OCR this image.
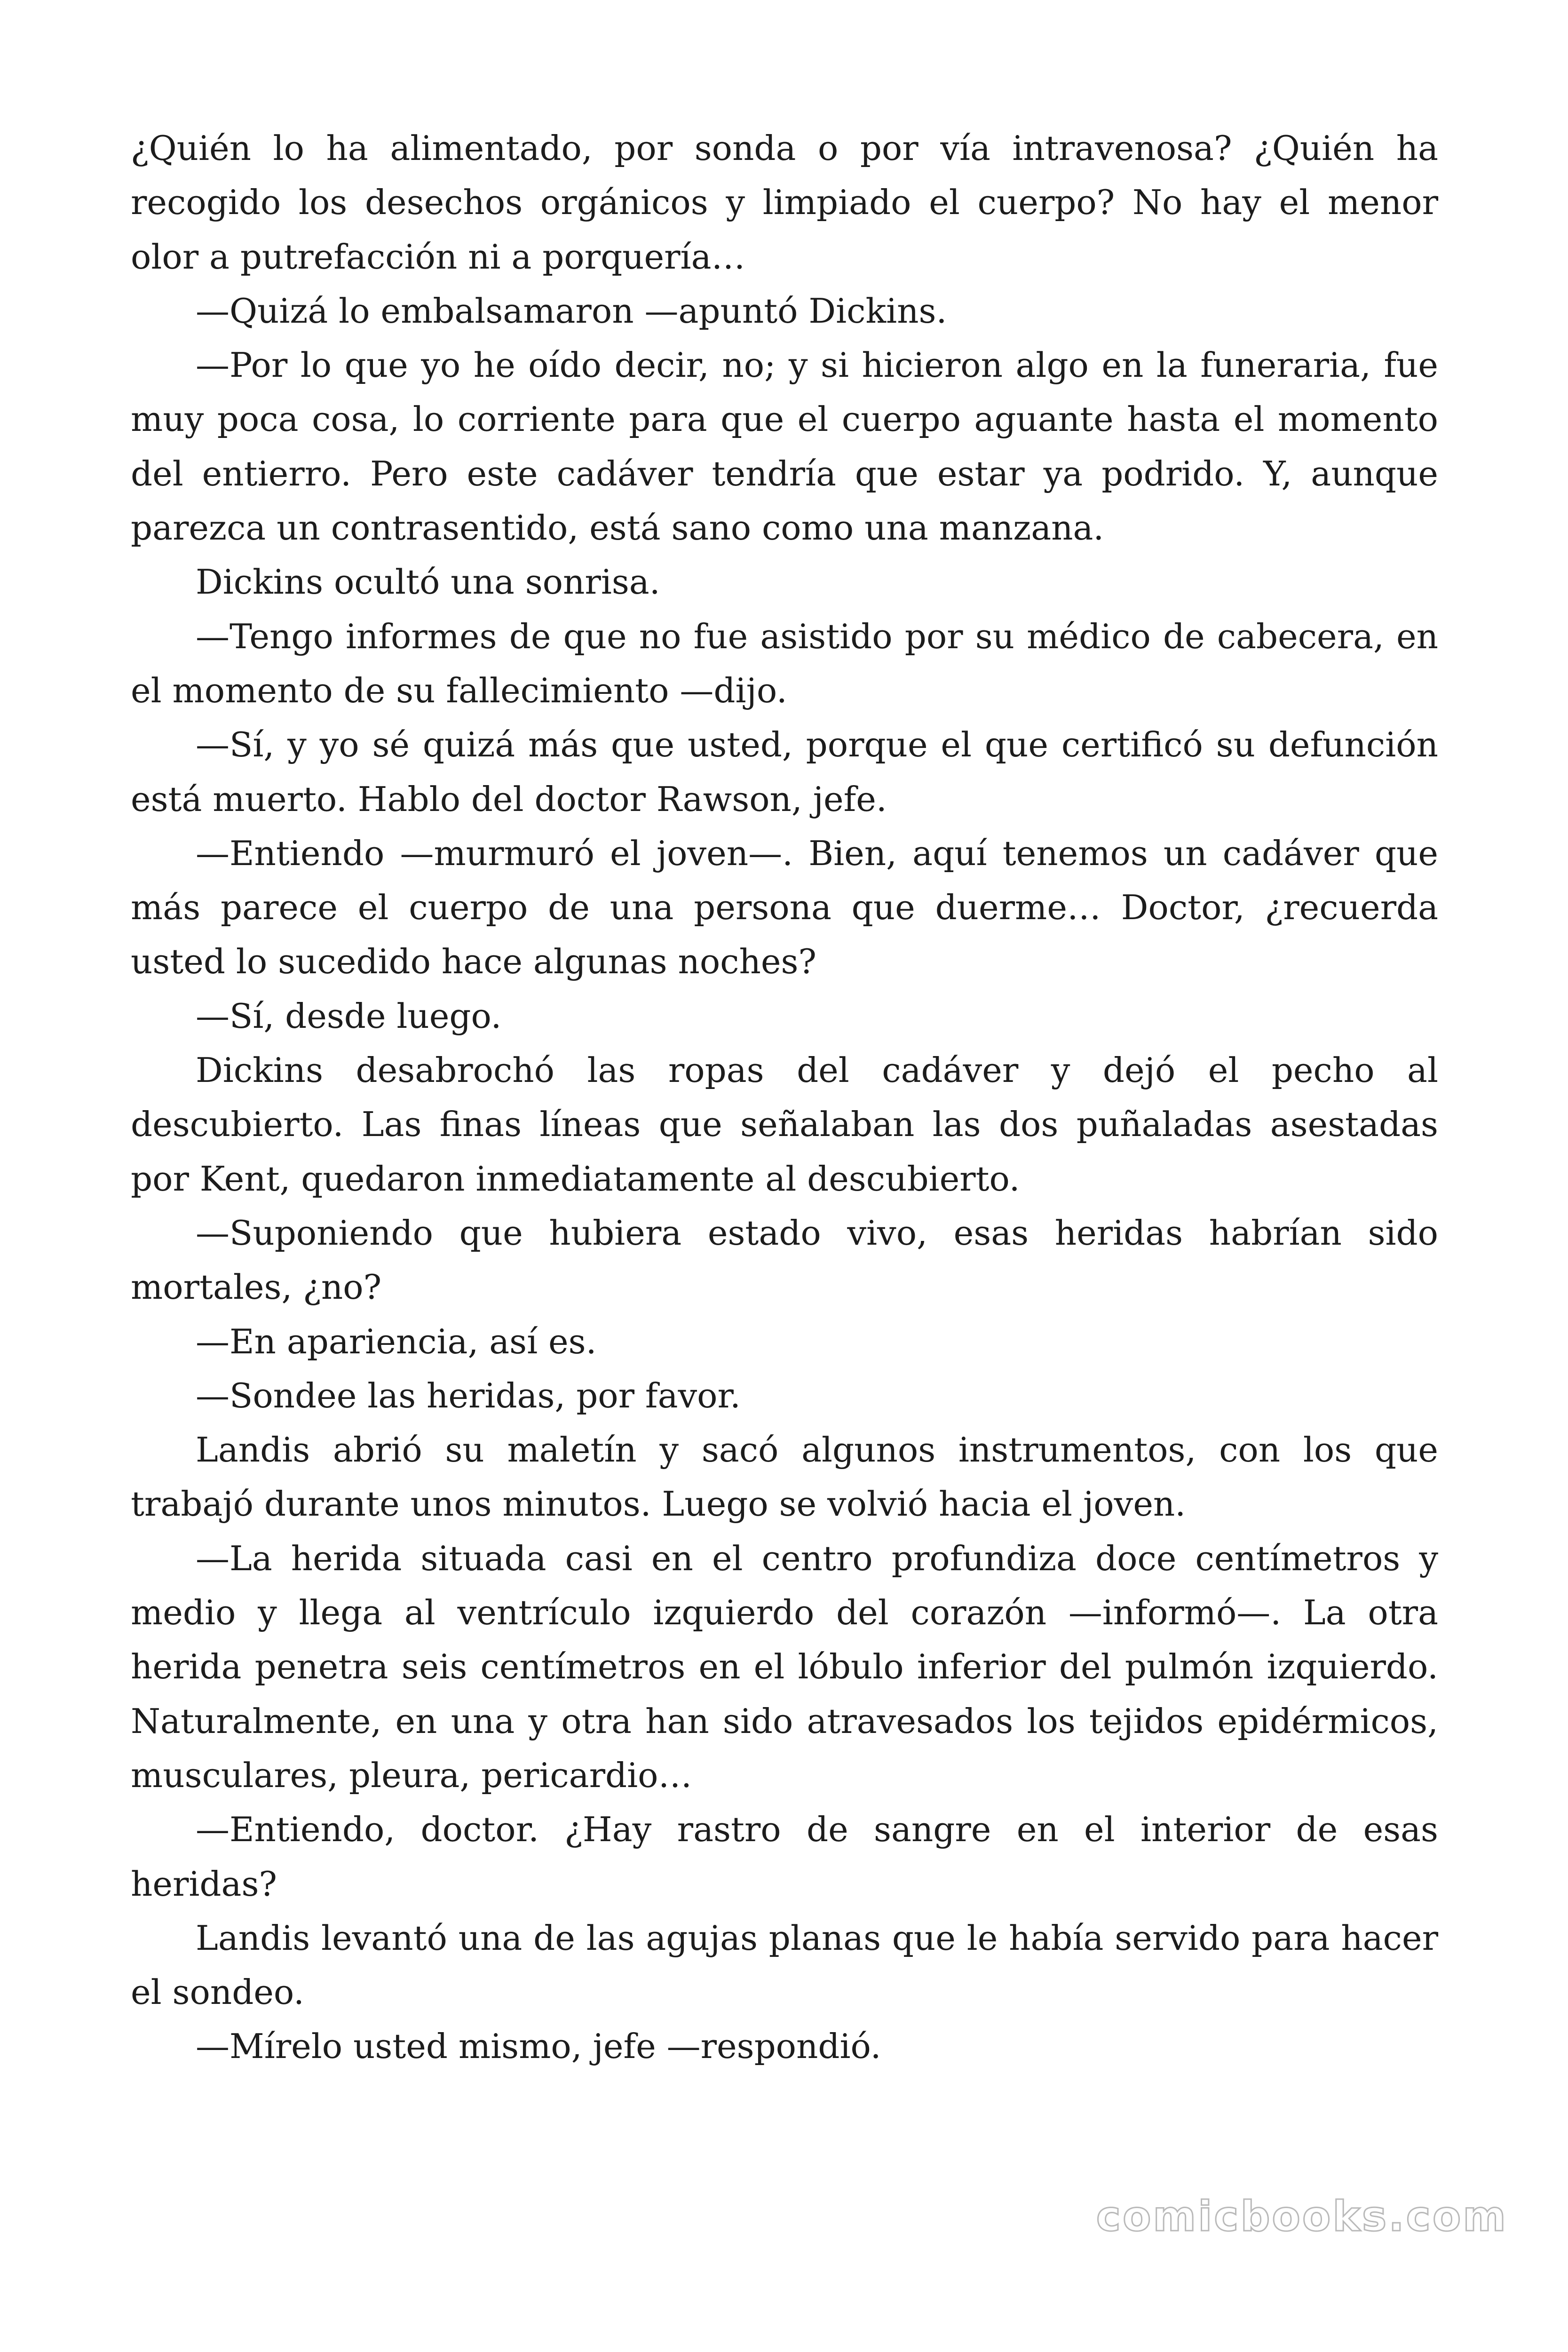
¿Quién lo ha alimentado, por sonda o por vía intravenosa? ¿Quién ha recogido los desechos orgánicos y limpiado el cuerpo? No hay el menor olor a putrefacción ni a porquería…

—Quizá lo embalsamaron —apuntó Dickins.

—Por lo que yo he oído decir, no; y si hicieron algo en la funeraria, fue muy poca cosa, lo corriente para que el cuerpo aguante hasta el momento del entierro. Pero este cadáver tendría que estar ya podrido. Y, aunque parezca un contrasentido, está sano como una manzana.

Dickins ocultó una sonrisa.

—Tengo informes de que no fue asistido por su médico de cabecera, en el momento de su fallecimiento —dijo.

—Sí, y yo sé quizá más que usted, porque el que certificó su defunción está muerto. Hablo del doctor Rawson, jefe.

—Entiendo —murmuró el joven—. Bien, aquí tenemos un cadáver que más parece el cuerpo de una persona que duerme… Doctor, ¿recuerda usted lo sucedido hace algunas noches?

—Sí, desde luego.

Dickins desabrochó las ropas del cadáver y dejó el pecho al descubierto. Las finas líneas que señalaban las dos puñaladas asestadas por Kent, quedaron inmediatamente al descubierto.

—Suponiendo que hubiera estado vivo, esas heridas habrían sido mortales, ¿no?

—En apariencia, así es.

—Sondee las heridas, por favor.

Landis abrió su maletín y sacó algunos instrumentos, con los que trabajó durante unos minutos. Luego se volvió hacia el joven.

—La herida situada casi en el centro profundiza doce centímetros y medio y llega al ventrículo izquierdo del corazón —informó—. La otra herida penetra seis centímetros en el lóbulo inferior del pulmón izquierdo. Naturalmente, en una y otra han sido atravesados los tejidos epidérmicos, musculares, pleura, pericardio…

—Entiendo, doctor. ¿Hay rastro de sangre en el interior de esas heridas?

Landis levantó una de las agujas planas que le había servido para hacer el sondeo.

—Mírelo usted mismo, jefe —respondió.

comicbooks.com
